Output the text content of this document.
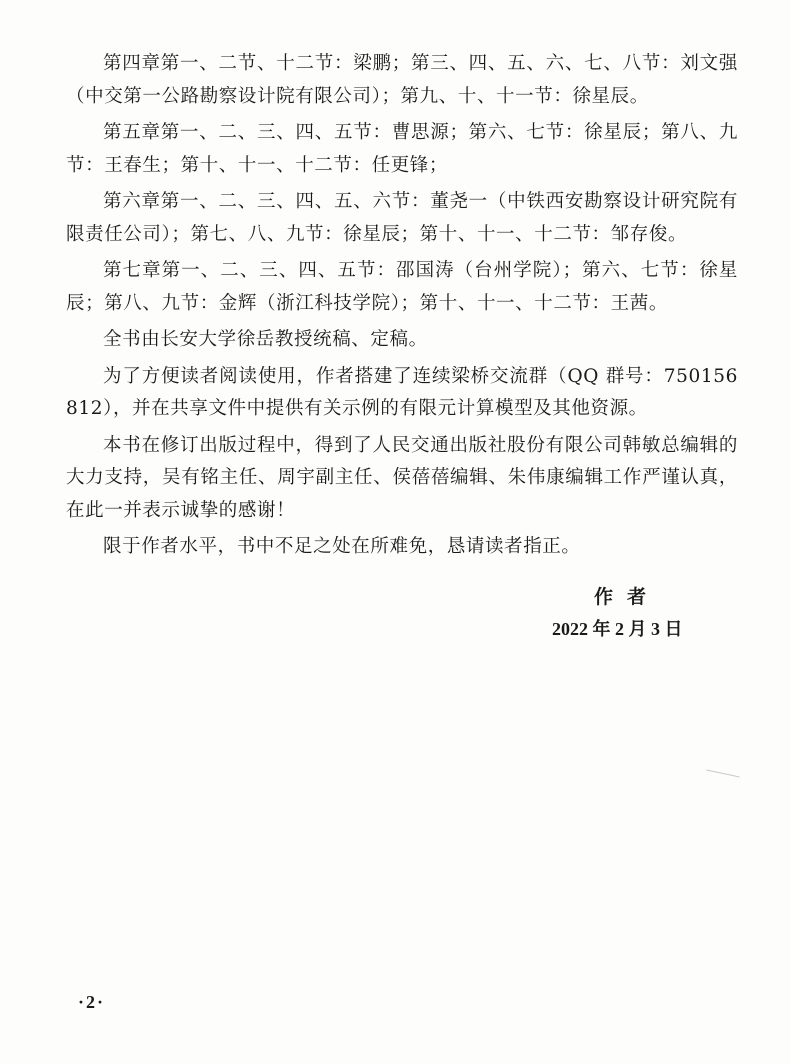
第四章第一、二节、十二节：梁鹏；第三、四、五、六、七、八节：刘文强（中交第一公路勘察设计院有限公司）；第九、十、十一节：徐星辰。

第五章第一、二、三、四、五节：曹思源；第六、七节：徐星辰；第八、九节：王春生；第十、十一、十二节：任更锋；

第六章第一、二、三、四、五、六节：董尧一（中铁西安勘察设计研究院有限责任公司）；第七、八、九节：徐星辰；第十、十一、十二节：邹存俊。

第七章第一、二、三、四、五节：邵国涛（台州学院）；第六、七节：徐星辰；第八、九节：金辉（浙江科技学院）；第十、十一、十二节：王茜。

全书由长安大学徐岳教授统稿、定稿。

为了方便读者阅读使用，作者搭建了连续梁桥交流群（QQ 群号：750156812），并在共享文件中提供有关示例的有限元计算模型及其他资源。

本书在修订出版过程中，得到了人民交通出版社股份有限公司韩敏总编辑的大力支持，吴有铭主任、周宇副主任、侯蓓蓓编辑、朱伟康编辑工作严谨认真，在此一并表示诚挚的感谢！

限于作者水平，书中不足之处在所难免，恳请读者指正。

作者
2022 年 2 月 3 日
·2·
